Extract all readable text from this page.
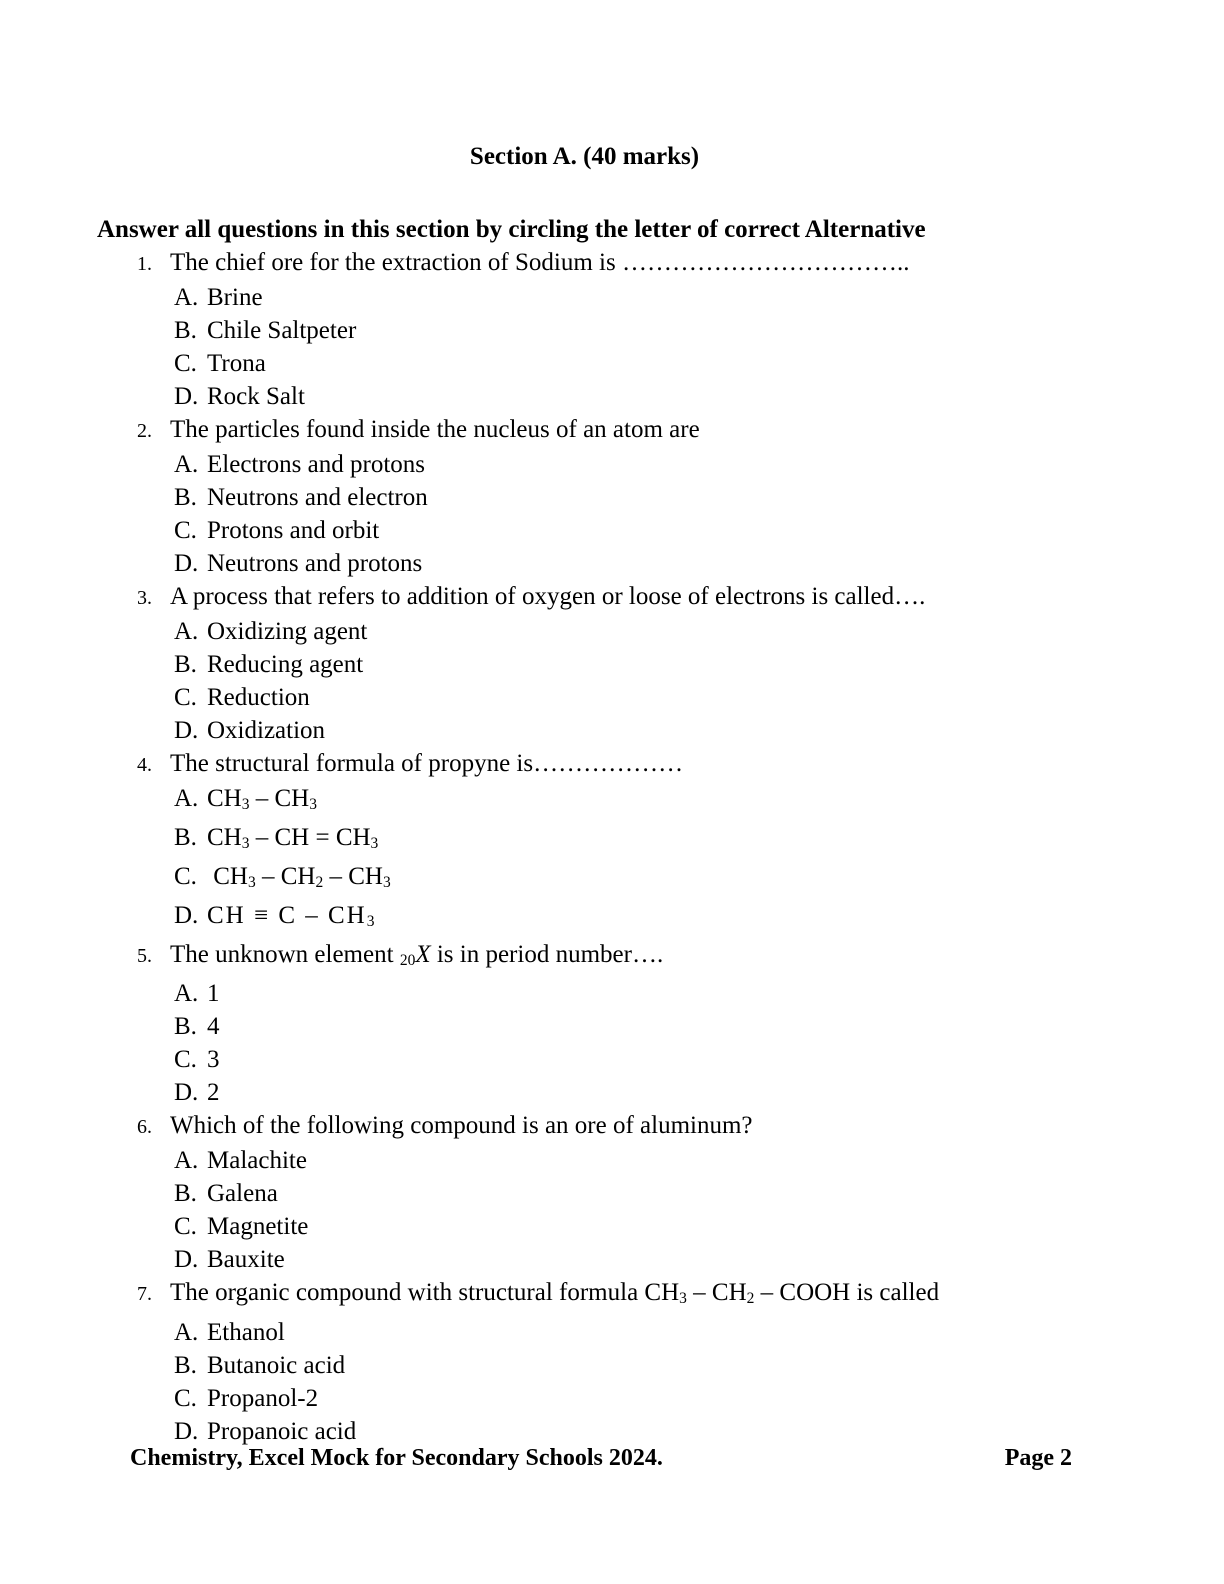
Section A. (40 marks)

Answer all questions in this section by circling the letter of correct Alternative

1. The chief ore for the extraction of Sodium is ……………………………..
A. Brine
B. Chile Saltpeter
C. Trona
D. Rock Salt
2. The particles found inside the nucleus of an atom are
A. Electrons and protons
B. Neutrons and electron
C. Protons and orbit
D. Neutrons and protons
3. A process that refers to addition of oxygen or loose of electrons is called….
A. Oxidizing agent
B. Reducing agent
C. Reduction
D. Oxidization
4. The structural formula of propyne is………………
A. CH3 – CH3
B. CH3 – CH = CH3
C. CH3 – CH2 – CH3
D. CH ≡ C – CH3
5. The unknown element 20X is in period number….
A. 1
B. 4
C. 3
D. 2
6. Which of the following compound is an ore of aluminum?
A. Malachite
B. Galena
C. Magnetite
D. Bauxite
7. The organic compound with structural formula CH3 – CH2 – COOH is called
A. Ethanol
B. Butanoic acid
C. Propanol-2
D. Propanoic acid
Chemistry, Excel Mock for Secondary Schools 2024.	Page 2
